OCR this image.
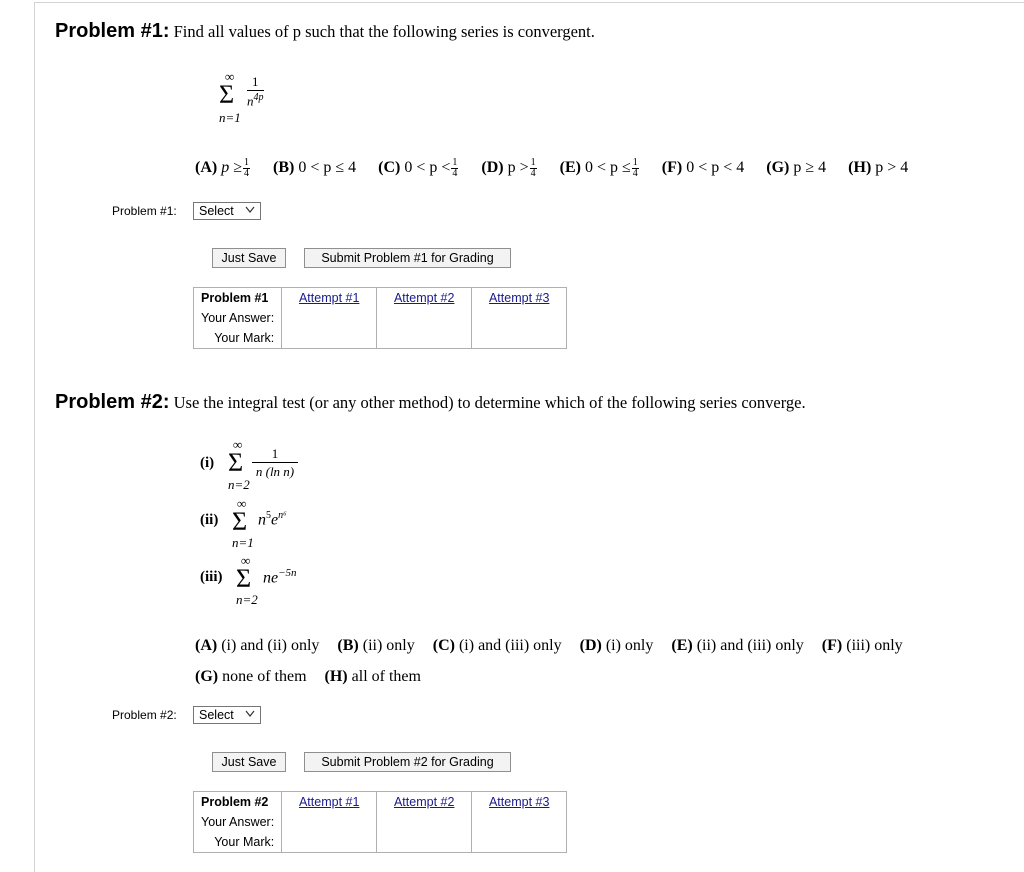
Problem #1: Find all values of p such that the following series is convergent.
∞
Σ
n=1
$\frac{1}{n^{4p}}$
(A) $p \ge \frac{1}{4} (B) 0 < p \le 4$ (C) $0 < p < \frac{1}{4} (D) p > \frac{1}{4} (E) 0 < p \le \frac{1}{4} (F) 0 < p < 4$ (G) p ≥ 4 (H) p > 4
Problem #1:	Select
Just Save	Submit Problem #1 for Grading
Problem #1	Attempt #1	Attempt #2	Attempt #3
Your Answer:			
Your Mark:			
Problem #2: Use the integral test (or any other method) to determine which of the following series converge.
(i)
∞
Σ
n=2
$\frac{1}{\text{n (ln n)}}$
(ii)
∞
Σ
n=1
$n^5e^{n^6}$
(iii)
∞
Σ
n=2
$ne^{-5n}$
(A) (i) and (ii) only (B) (ii) only (C) (i) and (iii) only (D) (i) only (E) (ii) and (iii) only (F) (iii) only
(G) none of them (H) all of them
Problem #2:	Select
Just Save	Submit Problem #2 for Grading
Problem #2	Attempt #1	Attempt #2	Attempt #3
Your Answer:			
Your Mark:			
